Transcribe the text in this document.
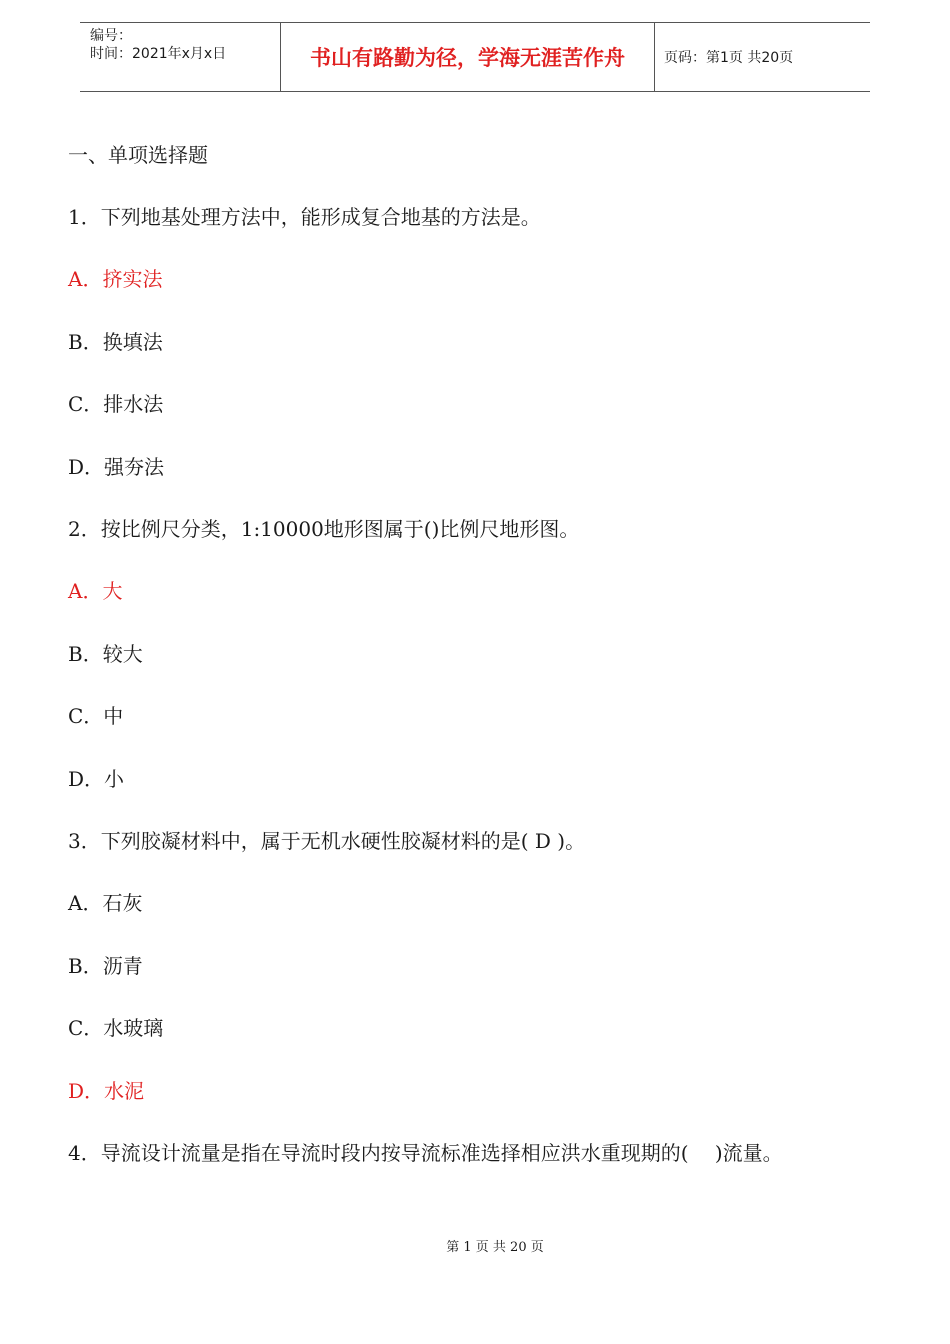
编号：
时间：2021年x月x日	书山有路勤为径，学海无涯苦作舟	页码：第1页 共20页
一、单项选择题
1．下列地基处理方法中，能形成复合地基的方法是。
A．挤实法
B．换填法
C．排水法
D．强夯法
2．按比例尺分类，1:10000地形图属于()比例尺地形图。
A．大
B．较大
C．中
D．小
3．下列胶凝材料中，属于无机水硬性胶凝材料的是( D )。
A．石灰
B．沥青
C．水玻璃
D．水泥
4．导流设计流量是指在导流时段内按导流标准选择相应洪水重现期的(　 )流量。
第 1 页 共 20 页
